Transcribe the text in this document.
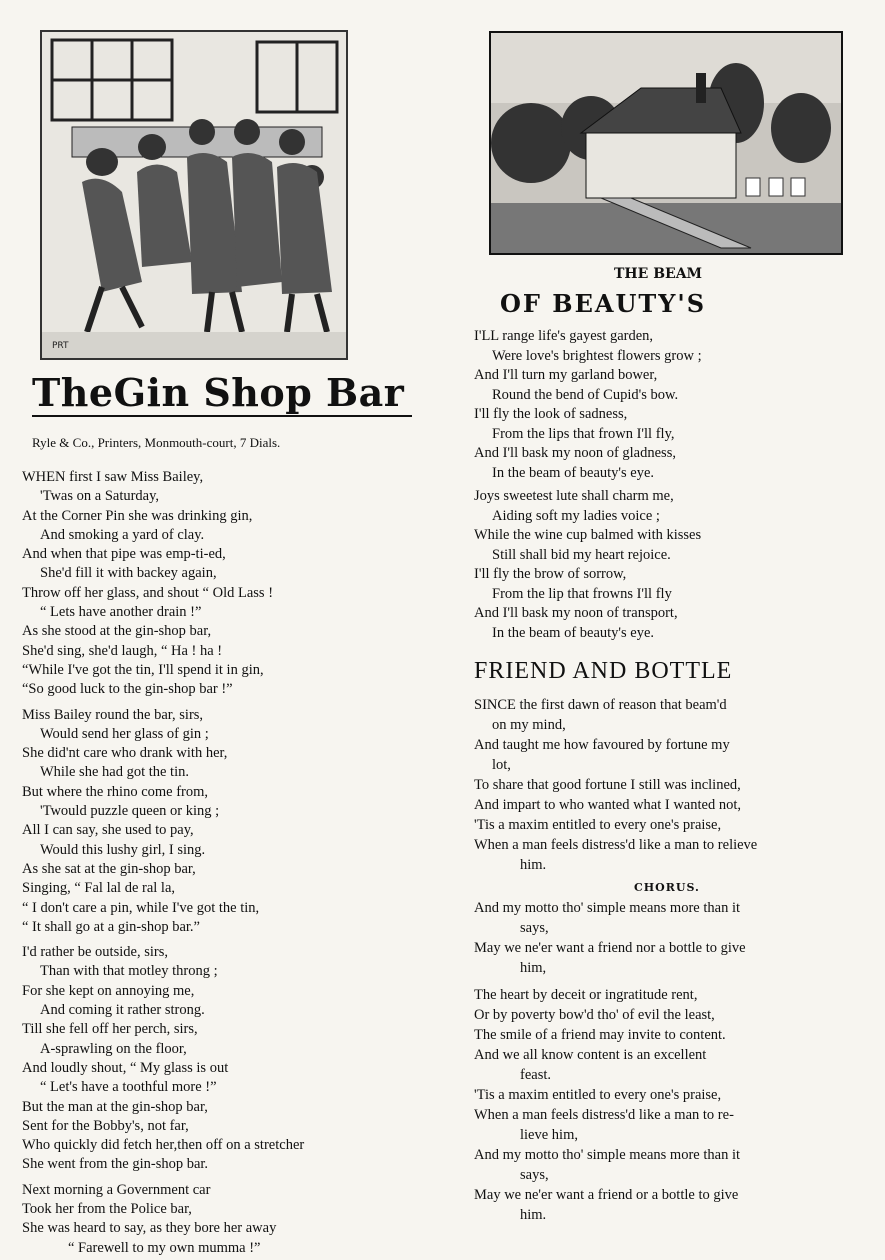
PRT
TheGin Shop Bar
Ryle & Co., Printers, Monmouth-court, 7 Dials.
WHEN first I saw Miss Bailey,
'Twas on a Saturday,
At the Corner Pin she was drinking gin,
And smoking a yard of clay.
And when that pipe was emp-ti-ed,
She'd fill it with backey again,
Throw off her glass, and shout “ Old Lass !
“ Lets have another drain !”
As she stood at the gin-shop bar,
She'd sing, she'd laugh, “ Ha ! ha !
“While I've got the tin, I'll spend it in gin,
“So good luck to the gin-shop bar !”
Miss Bailey round the bar, sirs,
Would send her glass of gin ;
She did'nt care who drank with her,
While she had got the tin.
But where the rhino come from,
'Twould puzzle queen or king ;
All I can say, she used to pay,
Would this lushy girl, I sing.
As she sat at the gin-shop bar,
Singing, “ Fal lal de ral la,
“ I don't care a pin, while I've got the tin,
“ It shall go at a gin-shop bar.”
I'd rather be outside, sirs,
Than with that motley throng ;
For she kept on annoying me,
And coming it rather strong.
Till she fell off her perch, sirs,
A-sprawling on the floor,
And loudly shout, “ My glass is out
“ Let's have a toothful more !”
But the man at the gin-shop bar,
Sent for the Bobby's, not far,
Who quickly did fetch her,then off on a stretcher
She went from the gin-shop bar.
Next morning a Government car
Took her from the Police bar,
She was heard to say, as they bore her away
“ Farewell to my own mumma !”
THE BEAM
OF BEAUTY'S
I'LL range life's gayest garden,
Were love's brightest flowers grow ;
And I'll turn my garland bower,
Round the bend of Cupid's bow.
I'll fly the look of sadness,
From the lips that frown I'll fly,
And I'll bask my noon of gladness,
In the beam of beauty's eye.
Joys sweetest lute shall charm me,
Aiding soft my ladies voice ;
While the wine cup balmed with kisses
Still shall bid my heart rejoice.
I'll fly the brow of sorrow,
From the lip that frowns I'll fly
And I'll bask my noon of transport,
In the beam of beauty's eye.
FRIEND AND BOTTLE
SINCE the first dawn of reason that beam'd
on my mind,
And taught me how favoured by fortune my
lot,
To share that good fortune I still was inclined,
And impart to who wanted what I wanted not,
'Tis a maxim entitled to every one's praise,
When a man feels distress'd like a man to relieve
him.
CHORUS.
And my motto tho' simple means more than it
says,
May we ne'er want a friend nor a bottle to give
him,
The heart by deceit or ingratitude rent,
Or by poverty bow'd tho' of evil the least,
The smile of a friend may invite to content.
And we all know content is an excellent
feast.
'Tis a maxim entitled to every one's praise,
When a man feels distress'd like a man to re-
lieve him,
And my motto tho' simple means more than it
says,
May we ne'er want a friend or a bottle to give
him.
